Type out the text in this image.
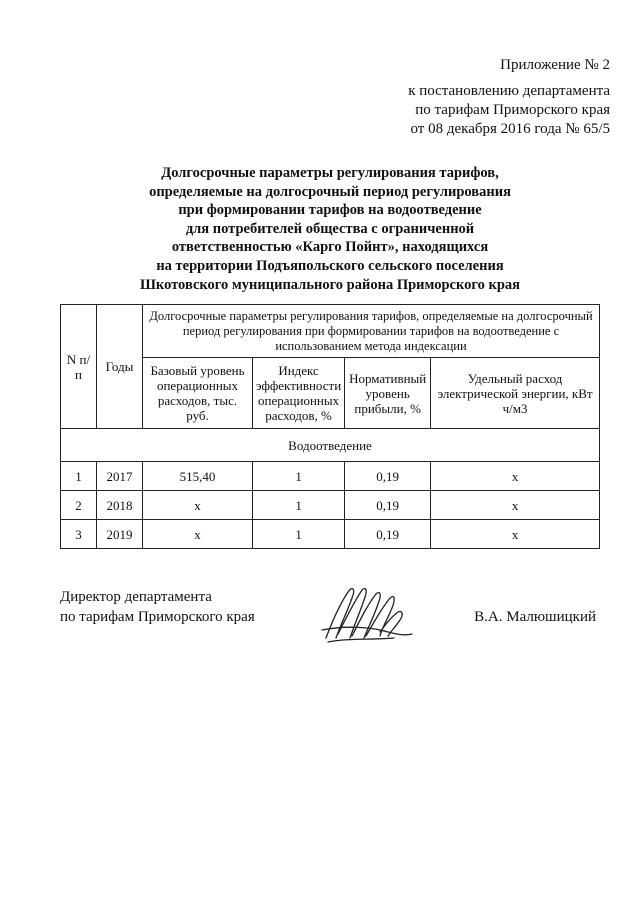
Приложение № 2
к постановлению департамента
по тарифам Приморского края
от 08 декабря 2016 года № 65/5
Долгосрочные параметры регулирования тарифов,
определяемые на долгосрочный период регулирования
при формировании тарифов на водоотведение
для потребителей общества с ограниченной
ответственностью «Карго Пойнт», находящихся
на территории Подъяпольского сельского поселения
Шкотовского муниципального района Приморского края
N п/п	Годы	Долгосрочные параметры регулирования тарифов, определяемые на долгосрочный период регулирования при формировании тарифов на водоотведение с использованием метода индексации			
		Базовый уровень операционных расходов, тыс. руб.	Индекс эффективности операционных расходов, %	Нормативный уровень прибыли, %	Удельный расход электрической энергии, кВт ч/м3
Водоотведение					
1	2017	515,40	1	0,19	x
2	2018	x	1	0,19	x
3	2019	x	1	0,19	x
Директор департамента
по тарифам Приморского края	В.А. Малюшицкий
